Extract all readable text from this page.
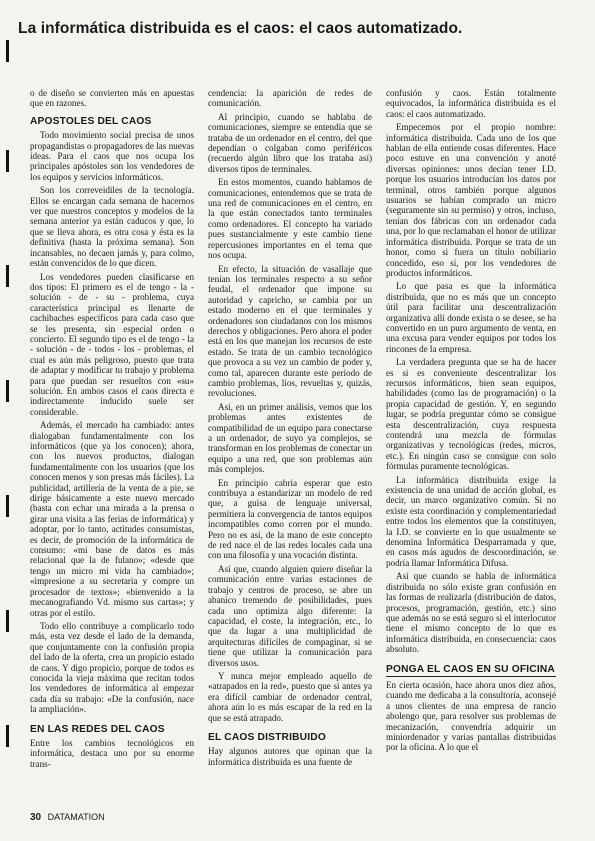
La informática distribuida es el caos: el caos automatizado.

o de diseño se convierten más en apuestas que en razones.

APOSTOLES DEL CAOS

Todo movimiento social precisa de unos propagandistas o propagadores de las nuevas ideas. Para el caos que nos ocupa los principales apóstoles son los vendedores de los equipos y servicios informáticos.

Son los correveidiles de la tecnología. Ellos se encargan cada semana de hacernos ver que nuestros conceptos y modelos de la semana anterior ya están caducos y que, lo que se lleva ahora, es otra cosa y ésta es la definitiva (hasta la próxima semana). Son incansables, no decaen jamás y, para colmo, están convencidos de lo que dicen.

Los vendedores pueden clasificarse en dos tipos: El primero es el de tengo - la - solución - de - su - problema, cuya característica principal es llenarte de cachibaches específicos para cada caso que se les presenta, sin especial orden o concierto. El segundo tipo es el de tengo - la - solución - de - todos - los - problemas, el cual es aún más peligroso, puesto que trata de adaptar y modificar tu trabajo y problema para que puedan ser resueltos con «su» solución. En ambos casos el caos directa e indirectamente inducido suele ser considerable.

Además, el mercado ha cambiado: antes dialogaban fundamentalmente con los informáticos (que ya los conocen); ahora, con los nuevos productos, dialogan fundamentalmente con los usuarios (que los conocen menos y son presas más fáciles). La publicidad, artillería de la venta de a pie, se dirige básicamente a este nuevo mercado (basta con echar una mirada a la prensa o girar una visita a las ferias de informática) y adoptar, por lo tanto, actitudes consumistas, es decir, de promoción de la informática de consumo: «mi base de datos es más relacional que la de fulano»; «desde que tengo un micro mi vida ha cambiado»; «impresione a su secretaria y compre un procesador de textos»; «bienvenido a la mecanografiando Vd. mismo sus cartas»; y otras por el estilo.

Todo ello contribuye a complicarlo todo más, esta vez desde el lado de la demanda, que conjuntamente con la confusión propia del lado de la oferta, crea un propicio estado de caos. Y digo propicio, porque de todos es conocida la vieja máxima que recitan todos los vendedores de informática al empezar cada día su trabajo: «De la confusión, nace la ampliación».

EN LAS REDES DEL CAOS

Entre los cambios tecnológicos en informática, destaca uno por su enorme trans-

cendencia: la aparición de redes de comunicación.

Al principio, cuando se hablaba de comunicaciones, siempre se entendía que se trataba de un ordenador en el centro, del que dependían o colgaban como periféricos (recuerdo algún libro que los trataba así) diversos tipos de terminales.

En estos momentos, cuando hablamos de comunicaciones, entendemos que se trata de una red de comunicaciones en el centro, en la que están conectados tanto terminales como ordenadores. El concepto ha variado pues sustancialmente y este cambio tiene repercusiones importantes en el tema que nos ocupa.

En efecto, la situación de vasallaje que tenían los terminales respecto a su señor feudal, el ordenador que impone su autoridad y capricho, se cambia por un estado moderno en el que terminales y ordenadores son ciudadanos con los mismos derechos y obligaciones. Pero ahora el poder está en los que manejan los recursos de este estado. Se trata de un cambio tecnológico que provoca a su vez un cambio de poder y, como tal, aparecen durante este período de cambio problemas, líos, revueltas y, quizás, revoluciones.

Así, en un primer análisis, vemos que los problemas antes existentes de compatibilidad de un equipo para conectarse a un ordenador, de suyo ya complejos, se transforman en los problemas de conectar un equipo a una red, que son problemas aún más complejos.

En principio cabría esperar que esto contribuya a estandarizar un modelo de red que, a guisa de lenguaje universal, permitiera la convergencia de tantos equipos incompatibles como corren por el mundo. Pero no es así, de la mano de este concepto de red nace el de las redes locales cada una con una filosofía y una vocación distinta.

Así que, cuando alguien quiere diseñar la comunicación entre varias estaciones de trabajo y centros de proceso, se abre un abanico tremendo de posibilidades, pues cada uno optimiza algo diferente: la capacidad, el coste, la integración, etc., lo que da lugar a una multiplicidad de arquitecturas difíciles de compaginar, si se tiene que utilizar la comunicación para diversos usos.

Y nunca mejor empleado aquello de «atrapados en la red», puesto que si antes ya era difícil cambiar de ordenador central, ahora aún lo es más escapar de la red en la que se está atrapado.

EL CAOS DISTRIBUIDO

Hay algunos autores que opinan que la informática distribuida es una fuente de

confusión y caos. Están totalmente equivocados, la informática distribuida es el caos: el caos automatizado.

Empecemos por el propio nombre: informática distribuida. Cada uno de los que hablan de ella entiende cosas diferentes. Hace poco estuve en una convención y anoté diversas opiniones: unos decían tener I.D. porque los usuarios introducían los datos por terminal, otros también porque algunos usuarios se habían comprado un micro (seguramente sin su permiso) y otros, incluso, tenían dos fábricas con un ordenador cada una, por lo que reclamaban el honor de utilizar informática distribuida. Porque se trata de un honor, como si fuera un título nobiliario concedido, eso sí, por los vendedores de productos informáticos.

Lo que pasa es que la informática distribuida, que no es más que un concepto útil para facilitar una descentralización organizativa allí donde exista o se desee, se ha convertido en un puro argumento de venta, en una excusa para vender equipos por todos los rincones de la empresa.

La verdadera pregunta que se ha de hacer es si es conveniente descentralizar los recursos informáticos, bien sean equipos, habilidades (como las de programación) o la propia capacidad de gestión. Y, en segundo lugar, se podría preguntar cómo se consigue esta descentralización, cuya respuesta contendrá una mezcla de fórmulas organizativas y tecnológicas (redes, micros, etc.). En ningún caso se consigue con solo fórmulas puramente tecnológicas.

La informática distribuida exige la existencia de una unidad de acción global, es decir, un marco organizativo común. Si no existe esta coordinación y complementariedad entre todos los elementos que la constituyen, la I.D. se convierte en lo que usualmente se denomina Informática Desparramada y que, en casos más agudos de descoordinación, se podría llamar Informática Difusa.

Así que cuando se habla de informática distribuida no sólo existe gran confusión en las formas de realizarla (distribución de datos, procesos, programación, gestión, etc.) sino que además no se está seguro si el interlocutor tiene el mismo concepto de lo que es informática distribuida, en consecuencia: caos absoluto.

PONGA EL CAOS EN SU OFICINA

En cierta ocasión, hace ahora unos diez años, cuando me dedicaba a la consultoría, aconsejé a unos clientes de una empresa de rancio abolengo que, para resolver sus problemas de mecanización, convendría adquirir un miniordenador y varias pantallas distribuidas por la oficina. A lo que el

30 DATAMATION
